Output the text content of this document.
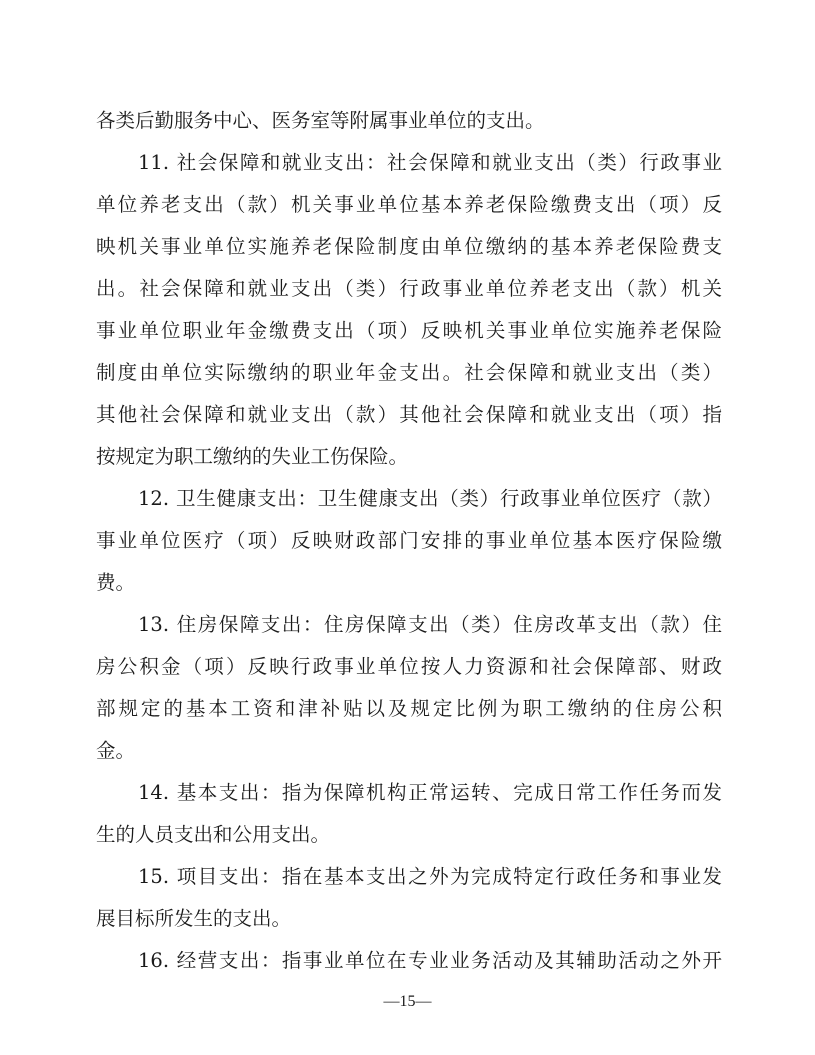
各类后勤服务中心、医务室等附属事业单位的支出。
11. 社会保障和就业支出：社会保障和就业支出（类）行政事业
单位养老支出（款）机关事业单位基本养老保险缴费支出（项）反
映机关事业单位实施养老保险制度由单位缴纳的基本养老保险费支
出。社会保障和就业支出（类）行政事业单位养老支出（款）机关
事业单位职业年金缴费支出（项）反映机关事业单位实施养老保险
制度由单位实际缴纳的职业年金支出。社会保障和就业支出（类）
其他社会保障和就业支出（款）其他社会保障和就业支出（项）指
按规定为职工缴纳的失业工伤保险。
12. 卫生健康支出：卫生健康支出（类）行政事业单位医疗（款）
事业单位医疗（项）反映财政部门安排的事业单位基本医疗保险缴
费。
13. 住房保障支出：住房保障支出（类）住房改革支出（款）住
房公积金（项）反映行政事业单位按人力资源和社会保障部、财政
部规定的基本工资和津补贴以及规定比例为职工缴纳的住房公积
金。
14. 基本支出：指为保障机构正常运转、完成日常工作任务而发
生的人员支出和公用支出。
15. 项目支出：指在基本支出之外为完成特定行政任务和事业发
展目标所发生的支出。
16. 经营支出：指事业单位在专业业务活动及其辅助活动之外开
—15—
